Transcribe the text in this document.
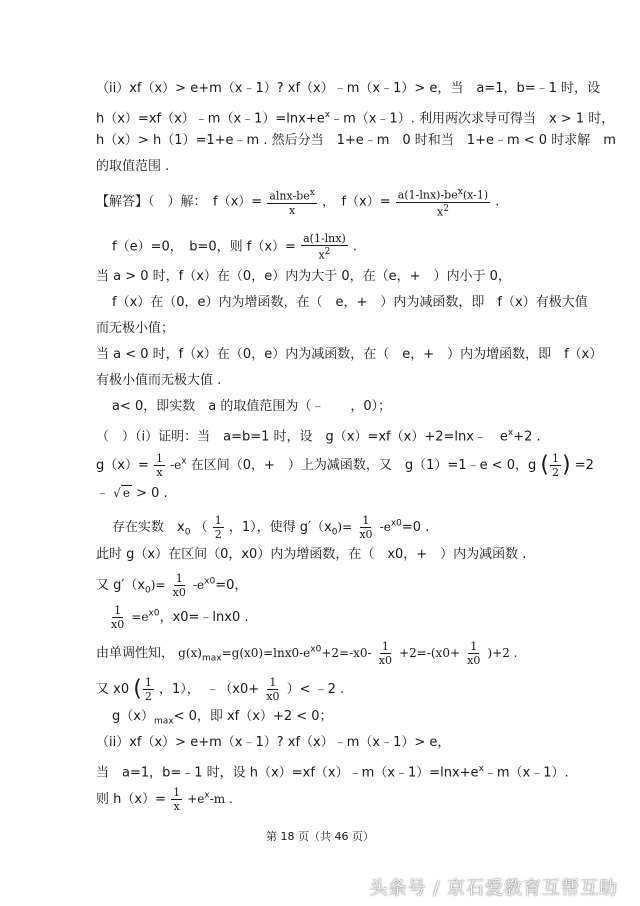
（ii）xf（x）> e+m（x﹣1）? xf（x）﹣m（x﹣1）> e，当　a=1，b=﹣1 时，设
$h(x)=xf(x)﹣m(x﹣1)=\ln x+e^x﹣m(x﹣1)$. 利用两次求导可得当　x > 1 时，
h（x）> h（1）=1+e﹣m . 然后分当　1+e﹣m　0 时和当　1+e﹣m < 0 时求解　m
的取值范围 .
【解答】（　）解：　$f(x)= \frac{alnx-be^x}{x}$ ，　$f(x)= \frac{a(1-\ln x)-be^x(x-1)}{x^2}$ .
f（e）=0，　b=0，则 $f(x)= \frac{a(1-\ln x)}{x^2}$ .
当 a > 0 时，f（x）在（0，e）内为大于 0，在（e，+　）内小于 0，
f（x）在（0，e）内为增函数，在（　e，+　）内为减函数，即　f（x）有极大值
而无极小值；
当 a < 0 时，f（x）在（0，e）内为减函数，在（　e，+　）内为增函数，即　f（x）
有极小值而无极大值 .
a< 0，即实数　a 的取值范围为（﹣　　，0）；
（　）（i）证明：当　a=b=1 时，设　g（x）=xf（x）+2=lnx﹣　$e^x+2$ .
$g(x)= \frac{1}{x} -e^x$ 在区间（0，+　）上为减函数，又　g（1）=1﹣e < 0，g ( $\frac{1}{2}$ ) =2
﹣ √ e > 0 .
存在实数　$x_0$ （ $\frac{1}{2}$ ，1），使得 $g'(x_0)= \frac{1}{x0} -e^{x0}=0$ .
此时 g（x）在区间（0，x0）内为增函数，在（　x0，+　）内为减函数 .
又 $g'(x_0)= \frac{1}{x0} -e^{x0}=0$，
$\frac{1}{x0} =e^{x0}$，x0=﹣lnx0 .
由单调性知， $g(x)_{max}=g(x0)=\ln x0-e^{x0}+2=-x0- \frac{1}{x0} +2=-(x0+ \frac{1}{x0} )+2$ .
又 x0 ( $\frac{1}{2}$ ，1），　﹣（x0+ $\frac{1}{x0}$ ）< ﹣2 .
$g(x)_{max}< 0$，即 xf（x）+2 < 0；
（ii）xf（x）> e+m（x﹣1）? xf（x）﹣m（x﹣1）> e，
当　a=1，b=﹣1 时，设 $h(x)=xf(x)﹣m(x﹣1)=\ln x+e^x﹣m(x﹣1)$.
则 $h(x)= \frac{1}{x} +e^x-m$ .
第 18 页（共 46 页）
头条号 / 京石爱教育互帮互助
